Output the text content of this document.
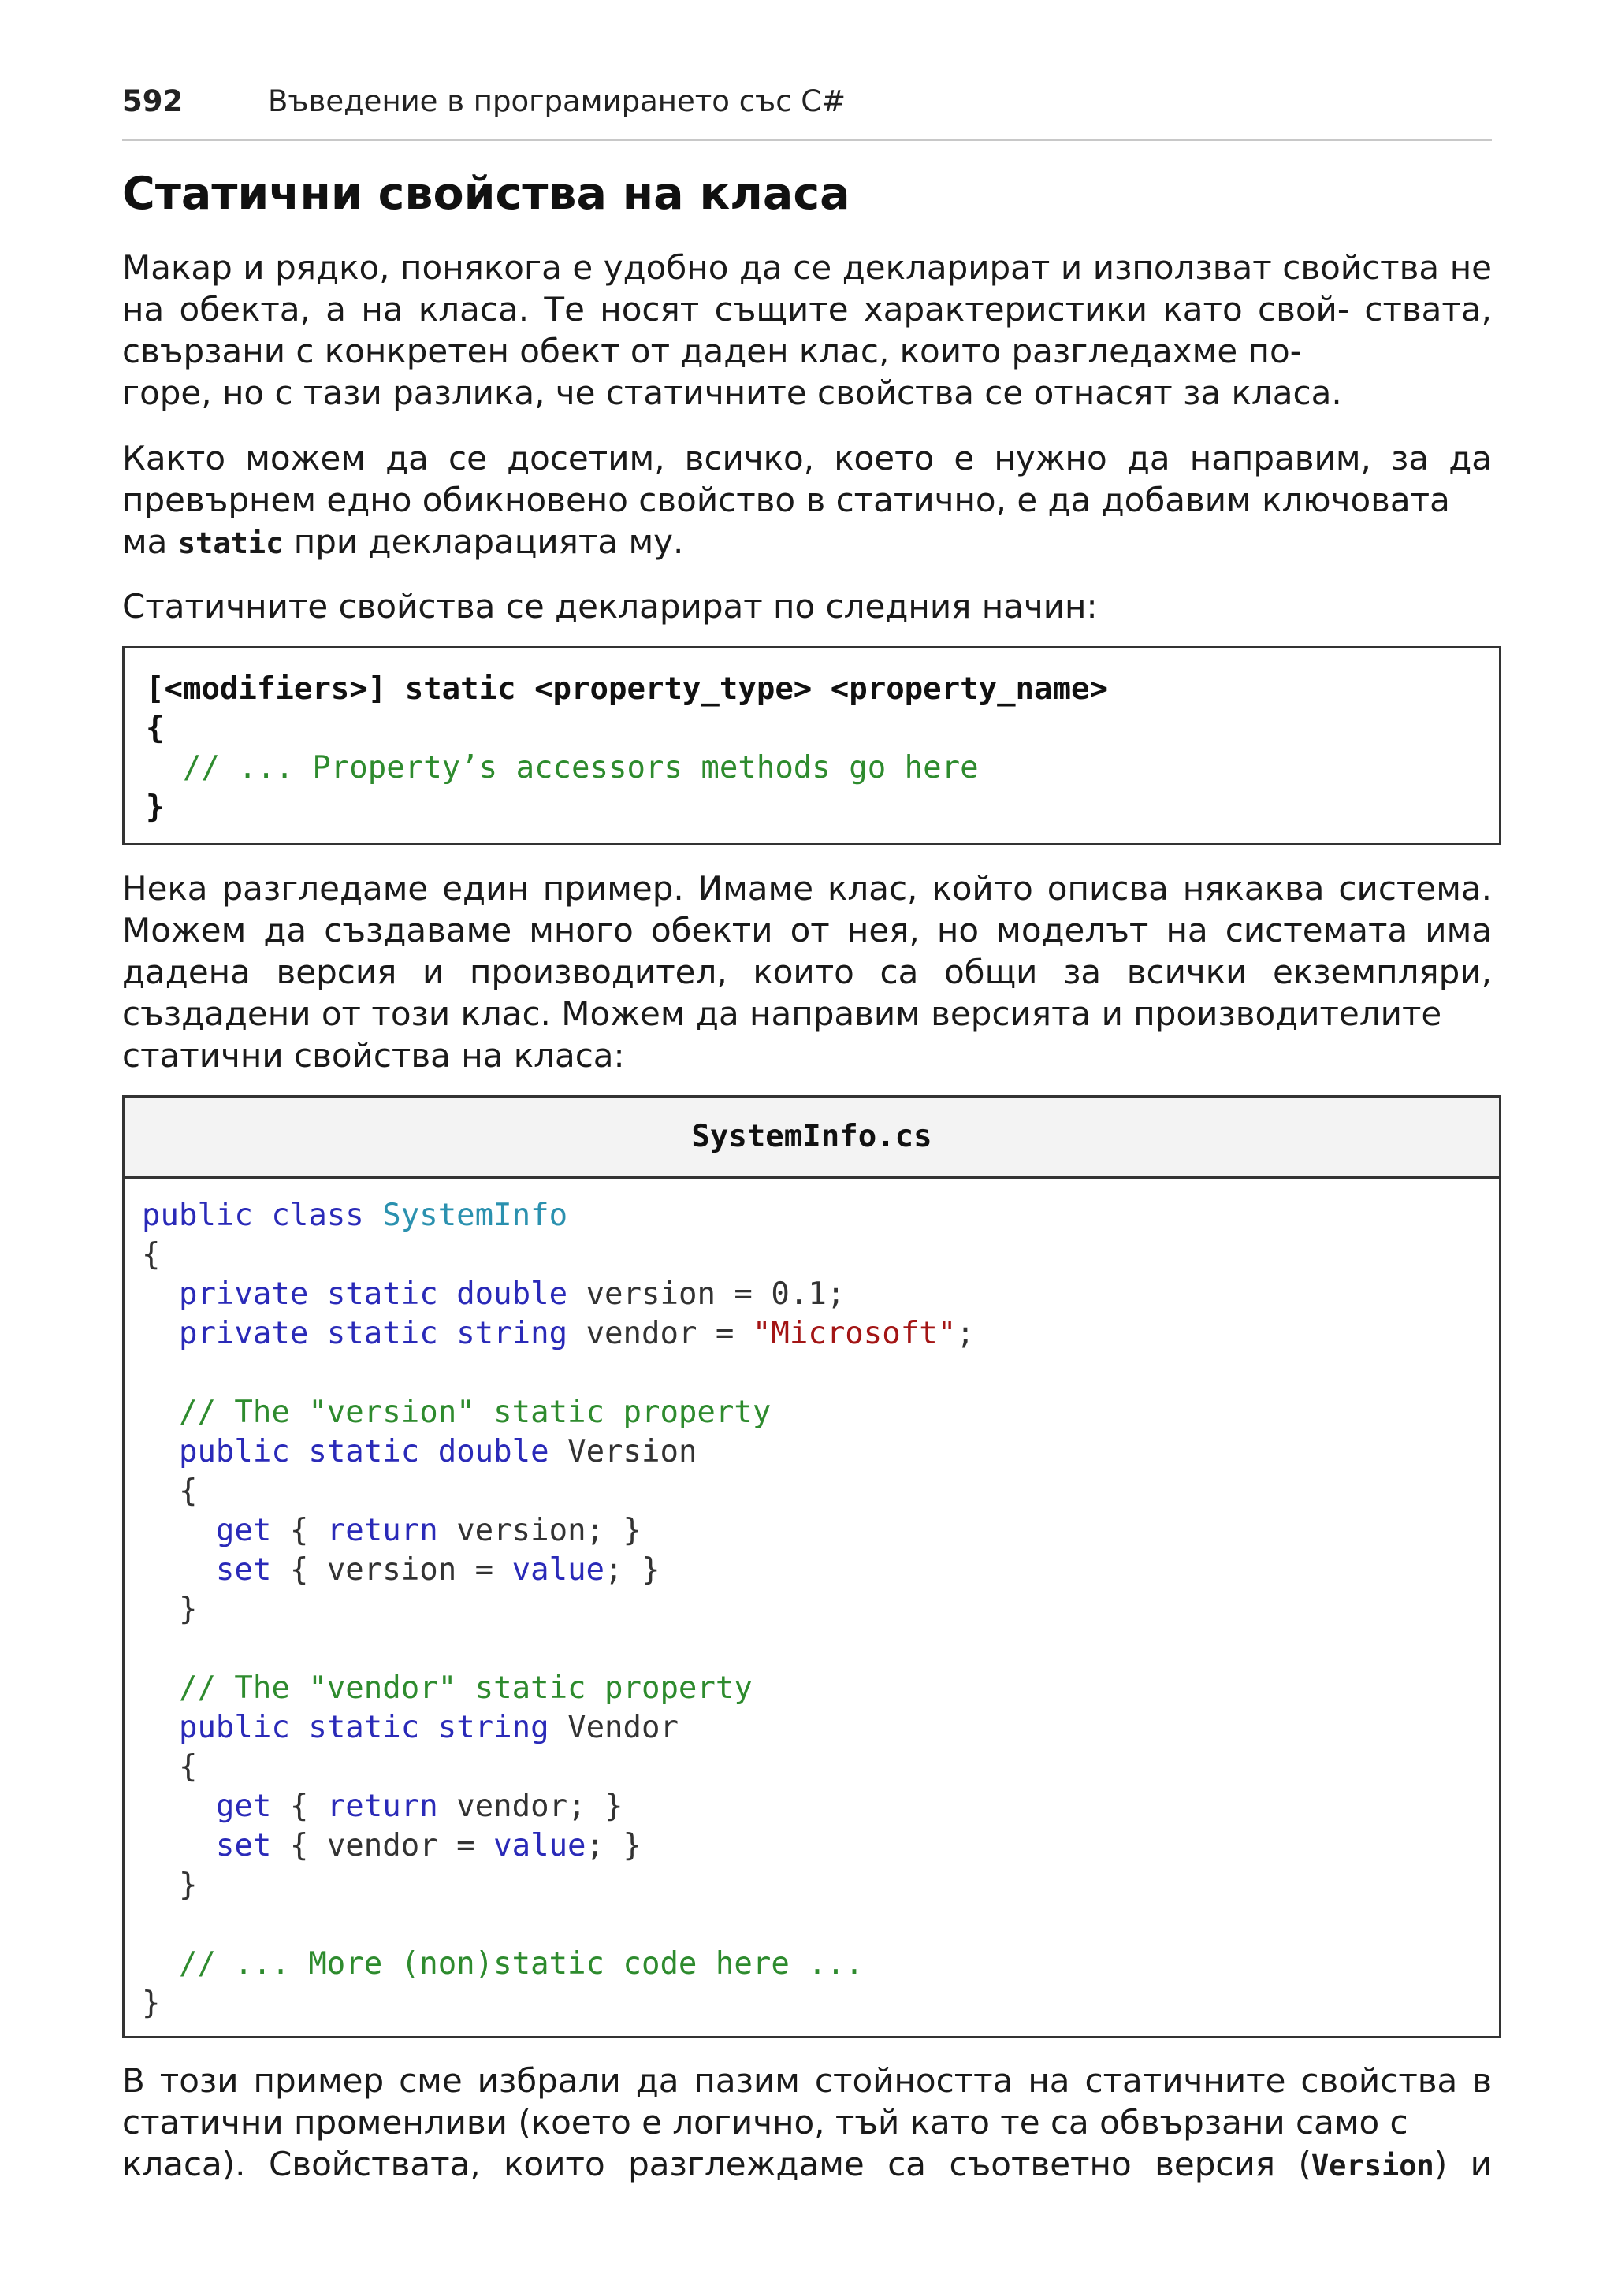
592	Въведение в програмирането със C#
Статични свойства на класа

Макар и рядко, понякога е удобно да се декларират и използват свойства не на обекта, а на класа. Те носят същите характеристики като свой- ствата, свързани с конкретен обект от даден клас, които разгледахме по-
горе, но с тази разлика, че статичните свойства се отнасят за класа.

Както можем да се досетим, всичко, което е нужно да направим, за да превърнем едно обикновено свойство в статично, е да добавим ключовата
ма static при декларацията му.

Статичните свойства се декларират по следния начин:

[<modifiers>] static <property_type> <property_name>
{
// ... Property’s accessors methods go here
}

Нека разгледаме един пример. Имаме клас, който описва някаква система. Можем да създаваме много обекти от нея, но моделът на системата има дадена версия и производител, които са общи за всички екземпляри, създадени от този клас. Можем да направим версията и производителите
статични свойства на класа:

SystemInfo.cs
public class SystemInfo
{
private static double version = 0.1;
private static string vendor = "Microsoft";

// The "version" static property
public static double Version
{
get { return version; }
set { version = value; }
}

// The "vendor" static property
public static string Vendor
{
get { return vendor; }
set { vendor = value; }
}

// ... More (non)static code here ...
}

В този пример сме избрали да пазим стойността на статичните свойства в статични променливи (което е логично, тъй като те са обвързани само с
класа). Свойствата, които разглеждаме са съответно версия (Version) и
